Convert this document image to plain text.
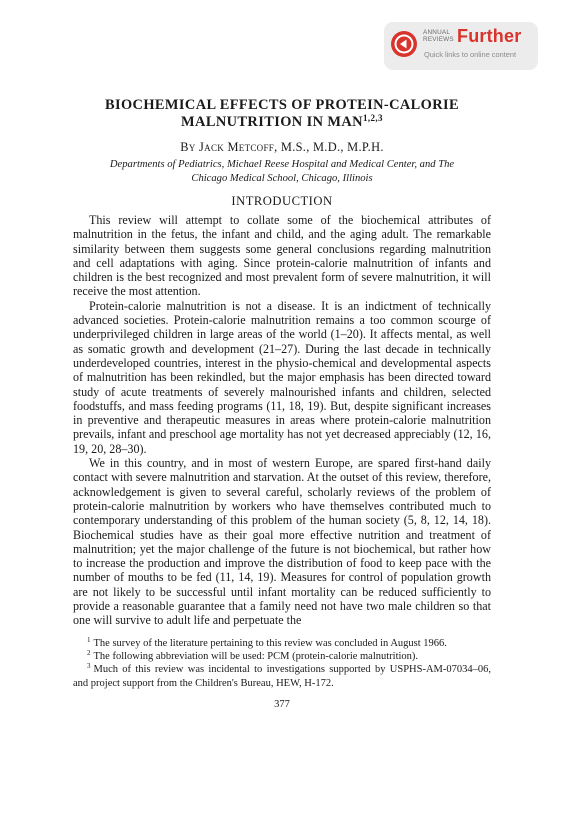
ANNUAL REVIEWS Further
Quick links to online content
BIOCHEMICAL EFFECTS OF PROTEIN-CALORIE
MALNUTRITION IN MAN$^{1,2,3}$
By Jack Metcoff, M.S., M.D., M.P.H.
Departments of Pediatrics, Michael Reese Hospital and Medical Center, and The
Chicago Medical School, Chicago, Illinois
INTRODUCTION

This review will attempt to collate some of the biochemical attributes of malnutrition in the fetus, the infant and child, and the aging adult. The remarkable similarity between them suggests some general conclusions regarding malnutrition and cell adaptations with aging. Since protein-calorie malnutrition of infants and children is the best recognized and most prevalent form of severe malnutrition, it will receive the most attention.

Protein-calorie malnutrition is not a disease. It is an indictment of technically advanced societies. Protein-calorie malnutrition remains a too common scourge of underprivileged children in large areas of the world (1–20). It affects mental, as well as somatic growth and development (21–27). During the last decade in technically underdeveloped countries, interest in the physio-chemical and developmental aspects of malnutrition has been rekindled, but the major emphasis has been directed toward study of acute treatments of severely malnourished infants and children, selected foodstuffs, and mass feeding programs (11, 18, 19). But, despite significant increases in preventive and therapeutic measures in areas where protein-calorie malnutrition prevails, infant and preschool age mortality has not yet decreased appreciably (12, 16, 19, 20, 28–30).

We in this country, and in most of western Europe, are spared first-hand daily contact with severe malnutrition and starvation. At the outset of this review, therefore, acknowledgement is given to several careful, scholarly reviews of the problem of protein-calorie malnutrition by workers who have themselves contributed much to contemporary understanding of this problem of the human society (5, 8, 12, 14, 18). Biochemical studies have as their goal more effective nutrition and treatment of malnutrition; yet the major challenge of the future is not biochemical, but rather how to increase the production and improve the distribution of food to keep pace with the number of mouths to be fed (11, 14, 19). Measures for control of population growth are not likely to be successful until infant mortality can be reduced sufficiently to provide a reasonable guarantee that a family need not have two male children so that one will survive to adult life and perpetuate the

$^1$ The survey of the literature pertaining to this review was concluded in August 1966.

$^2$ The following abbreviation will be used: PCM (protein-calorie malnutrition).

$^3$ Much of this review was incidental to investigations supported by USPHS-AM-07034–06, and project support from the Children's Bureau, HEW, H-172.

377
